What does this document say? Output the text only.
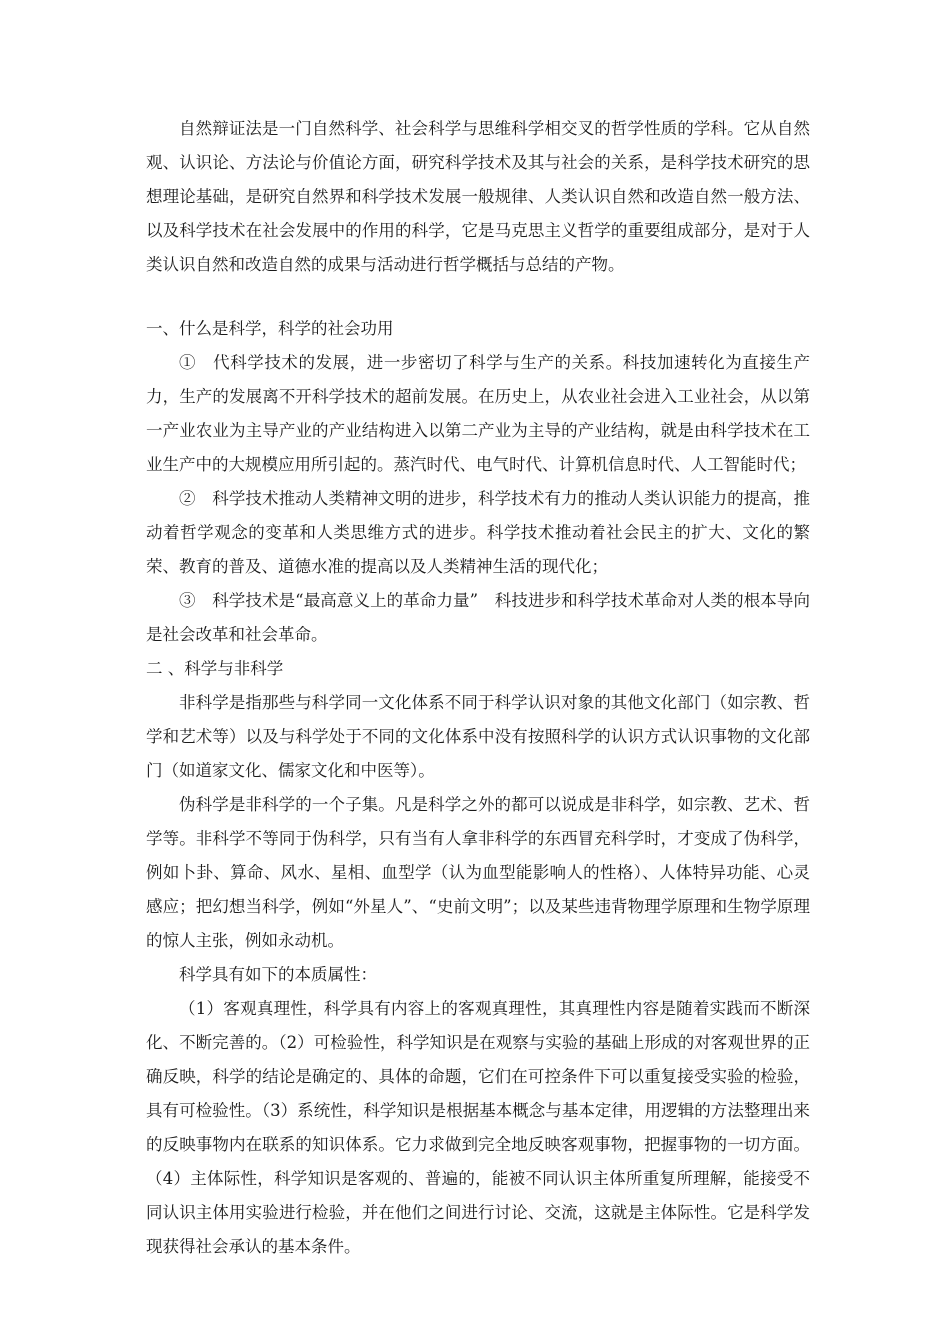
自然辩证法是一门自然科学、社会科学与思维科学相交叉的哲学性质的学科。它从自然观、认识论、方法论与价值论方面，研究科学技术及其与社会的关系，是科学技术研究的思想理论基础，是研究自然界和科学技术发展一般规律、人类认识自然和改造自然一般方法、以及科学技术在社会发展中的作用的科学，它是马克思主义哲学的重要组成部分，是对于人类认识自然和改造自然的成果与活动进行哲学概括与总结的产物。

一、什么是科学，科学的社会功用

①　代科学技术的发展，进一步密切了科学与生产的关系。科技加速转化为直接生产力，生产的发展离不开科学技术的超前发展。在历史上，从农业社会进入工业社会，从以第一产业农业为主导产业的产业结构进入以第二产业为主导的产业结构，就是由科学技术在工业生产中的大规模应用所引起的。蒸汽时代、电气时代、计算机信息时代、人工智能时代；

②　科学技术推动人类精神文明的进步，科学技术有力的推动人类认识能力的提高，推动着哲学观念的变革和人类思维方式的进步。科学技术推动着社会民主的扩大、文化的繁荣、教育的普及、道德水准的提高以及人类精神生活的现代化；

③　科学技术是“最高意义上的革命力量”　科技进步和科学技术革命对人类的根本导向是社会改革和社会革命。

二 、科学与非科学

非科学是指那些与科学同一文化体系不同于科学认识对象的其他文化部门（如宗教、哲学和艺术等）以及与科学处于不同的文化体系中没有按照科学的认识方式认识事物的文化部门（如道家文化、儒家文化和中医等）。

伪科学是非科学的一个子集。凡是科学之外的都可以说成是非科学，如宗教、艺术、哲学等。非科学不等同于伪科学，只有当有人拿非科学的东西冒充科学时，才变成了伪科学，例如卜卦、算命、风水、星相、血型学（认为血型能影响人的性格）、人体特异功能、心灵感应；把幻想当科学，例如“外星人”、“史前文明”；以及某些违背物理学原理和生物学原理的惊人主张，例如永动机。

科学具有如下的本质属性：

（1）客观真理性，科学具有内容上的客观真理性，其真理性内容是随着实践而不断深化、不断完善的。（2）可检验性，科学知识是在观察与实验的基础上形成的对客观世界的正确反映，科学的结论是确定的、具体的命题，它们在可控条件下可以重复接受实验的检验，具有可检验性。（3）系统性，科学知识是根据基本概念与基本定律，用逻辑的方法整理出来的反映事物内在联系的知识体系。它力求做到完全地反映客观事物，把握事物的一切方面。（4）主体际性，科学知识是客观的、普遍的，能被不同认识主体所重复所理解，能接受不同认识主体用实验进行检验，并在他们之间进行讨论、交流，这就是主体际性。它是科学发现获得社会承认的基本条件。
